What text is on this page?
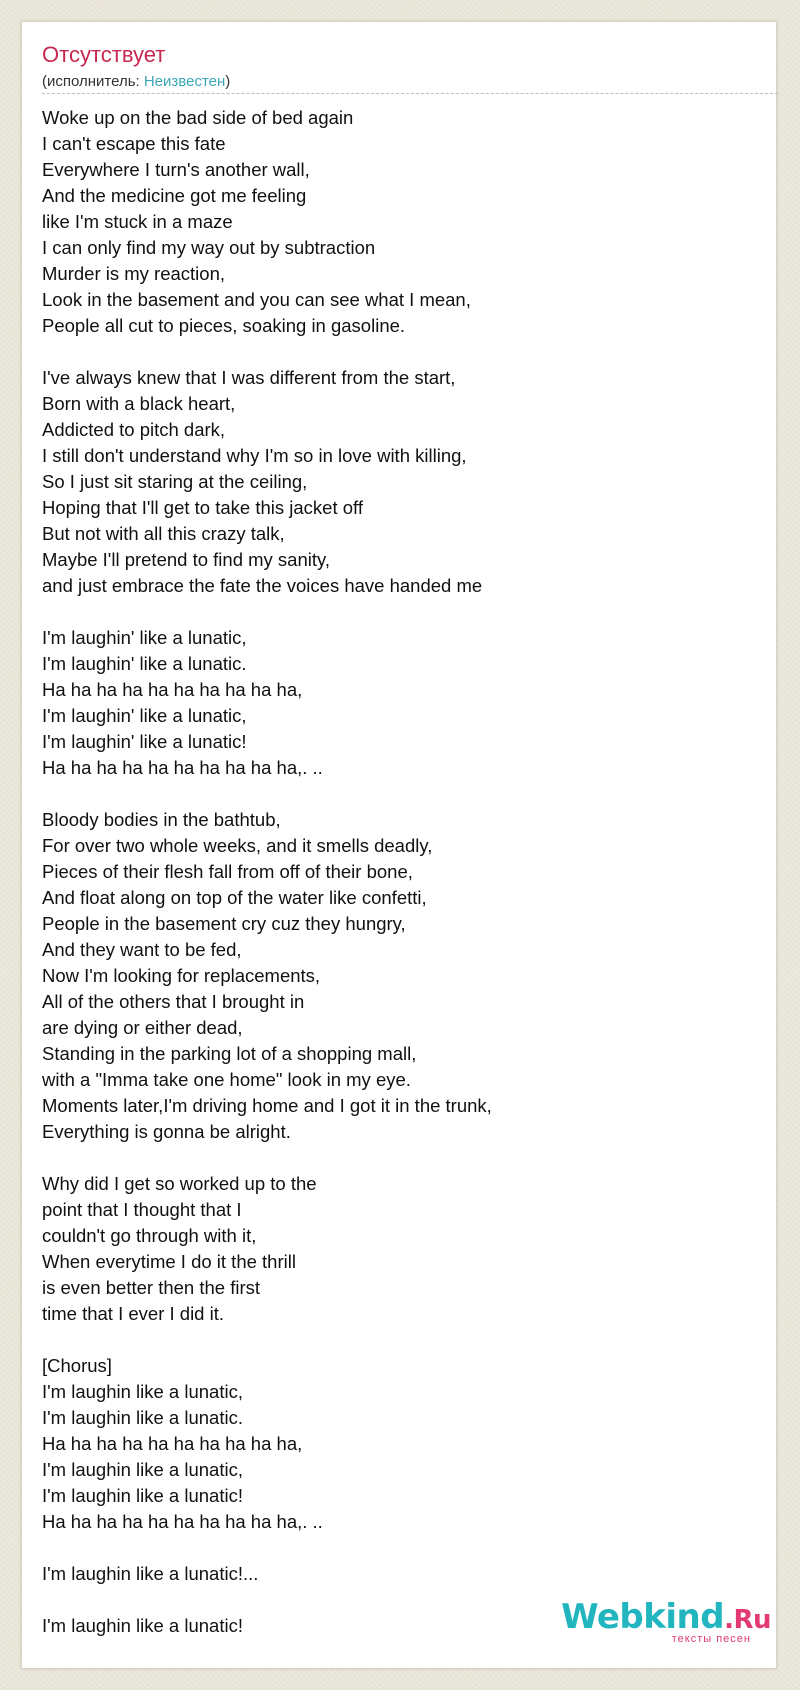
Отсутствует
(исполнитель: Неизвестен)
Woke up on the bad side of bed again
I can't escape this fate
Everywhere I turn's another wall,
And the medicine got me feeling
like I'm stuck in a maze
I can only find my way out by subtraction
Murder is my reaction,
Look in the basement and you can see what I mean,
People all cut to pieces, soaking in gasoline.
I've always knew that I was different from the start,
Born with a black heart,
Addicted to pitch dark,
I still don't understand why I'm so in love with killing,
So I just sit staring at the ceiling,
Hoping that I'll get to take this jacket off
But not with all this crazy talk,
Maybe I'll pretend to find my sanity,
and just embrace the fate the voices have handed me
I'm laughin' like a lunatic,
I'm laughin' like a lunatic.
Ha ha ha ha ha ha ha ha ha ha,
I'm laughin' like a lunatic,
I'm laughin' like a lunatic!
Ha ha ha ha ha ha ha ha ha ha,. ..
Bloody bodies in the bathtub,
For over two whole weeks, and it smells deadly,
Pieces of their flesh fall from off of their bone,
And float along on top of the water like confetti,
People in the basement cry cuz they hungry,
And they want to be fed,
Now I'm looking for replacements,
All of the others that I brought in
are dying or either dead,
Standing in the parking lot of a shopping mall,
with a "Imma take one home" look in my eye.
Moments later,I'm driving home and I got it in the trunk,
Everything is gonna be alright.
Why did I get so worked up to the
point that I thought that I
couldn't go through with it,
When everytime I do it the thrill
is even better then the first
time that I ever I did it.
[Chorus]
I'm laughin like a lunatic,
I'm laughin like a lunatic.
Ha ha ha ha ha ha ha ha ha ha,
I'm laughin like a lunatic,
I'm laughin like a lunatic!
Ha ha ha ha ha ha ha ha ha ha,. ..
I'm laughin like a lunatic!...
I'm laughin like a lunatic!	Webkind.Ru
тексты песен
